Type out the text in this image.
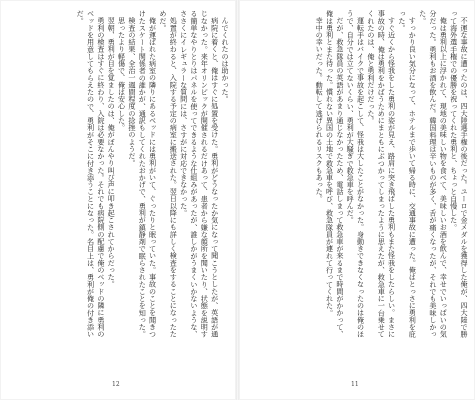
んでくれたのは助かった。

病院に着くと、俺はすぐに処置を受けた。勇利がどうなったか気になって聞こうとしたが、英語が通じなかった。来年オリンピックが開催されるだけあって、患者から嫌な顔所を聞いたり、状態を説明する簡単なやりとりはパネルを使ってできるような仕組みがあったが、誰しかがうまくいかないような、ささくにイレギュラーな質問には、さすがに対応できなかった。

処置が終わると、入院する予定の病室に搬送された。翌日以降にも詳しく検査をすることになったためだ。

俺が運ばれた病室の隣りにあるベッドには勇利がいて、ぐったりと眠っていた。事故のことを聞きつけたスケート関係者の誰かが、通訳もしてくれたおかげで、勇利が鎮静剤で眠らされたことを知った。

検査の結果、全治一週間程度の捻挫のようだ。

思ったより軽傷で、俺は安心した。

翌朝、勇利が目を覚ましたのは、俺がぼんやり叫び声に叩き起こされてからだった。

勇利の検査はすぐに終わり、入院は必要なかった。それでも病院側の配慮で俺のベッドの隣に勇利のベッドを用意してもらえたので、勇利がそこに付き添うことになった。名目上は、勇利が俺の付き添いだ。

12

不運な事故に遭ったのは、四大陸選手権の後だった。ユーロで金メダルを獲得した俺が、四大陸で勝って海外選手権での優勝を祝ってくれた勇利と、ちょっと自慢した。

俺は勇利以上に浮かれて、現地の美味しい物を食べて、美味しいお酒を飲んで、幸せでいっぱいの気分だった。勇利もお酒を飲んだ。韓国料理は辛いものが多く、舌が痛くなったが、それでも美味しかった。

すっかり良い気分になって、ホテルまで歩いて帰る時に、交通事故に遭った。俺はとっさに勇利を庇った。

すぐ近くから怪我をした勇利の姿が見え、路肩に突き飛ばした勇利もまた怪我をしたらしい。まさに事故の時、俺は勇利をかばうためにまともにぶつかってしまったように思えたが、救急車に一台乗せてくれたのは、俺と勇利だけだった。

運転手はバイクで事故を起こして、怪我は大したことがなかった。身動きできなくなったのは俺のほうで、自分では立てないくらい、勇利が大騒ぎで救急車を呼んだ。

だが、救急隊員の英語があまり通じなかったため、電話しまって救急車が来るまで時間がかかって、俺は勇利とまた待った。慣れない異国の土地で救急車を呼び、救急隊員が連れて行ってくれた。

幸中の幸いだった。動転して逃げられるリスクもあった。

11
